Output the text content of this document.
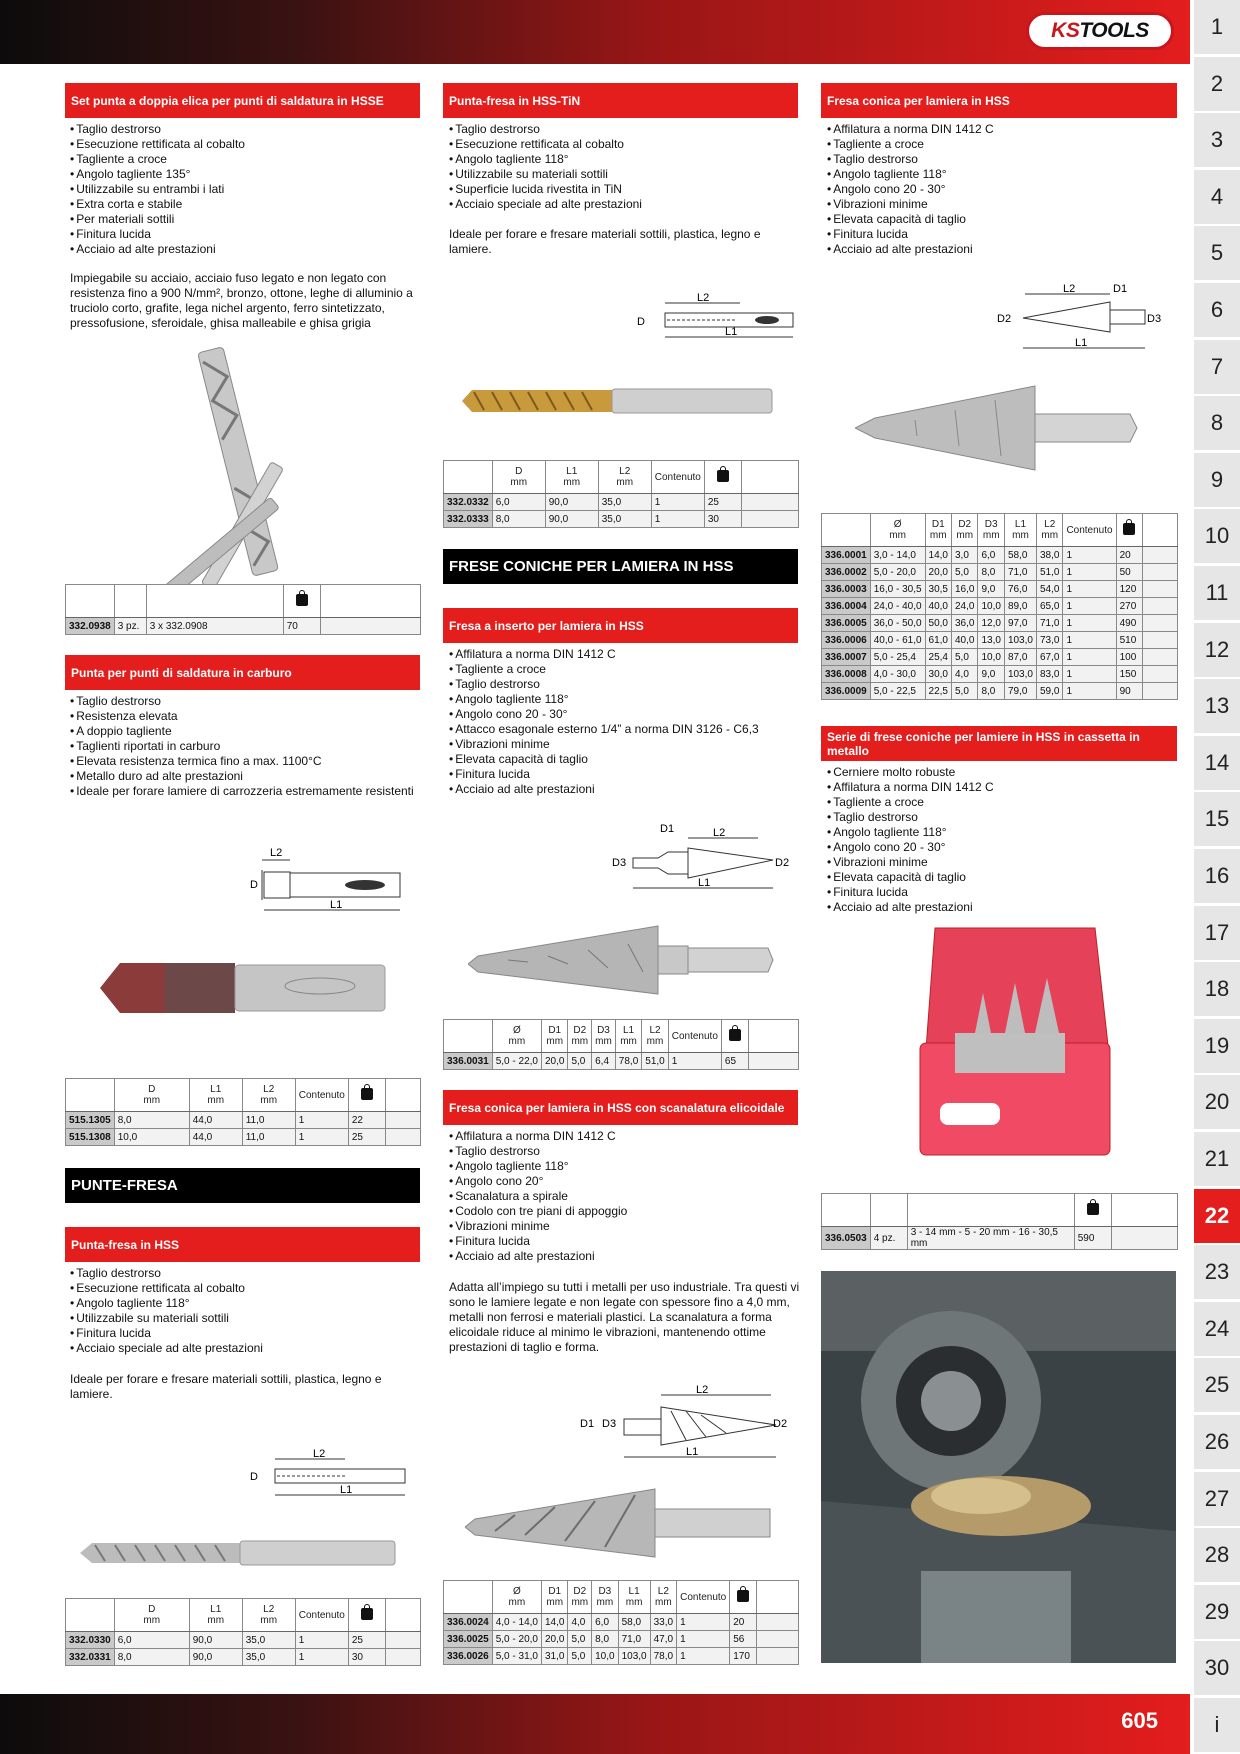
KS TOOLS
605
1
2
3
4
5
6
7
8
9
10
11
12
13
14
15
16
17
18
19
20
21
22
23
24
25
26
27
28
29
30
i
Set punta a doppia elica per punti di saldatura in HSSE
• Taglio destrorso
• Esecuzione rettificata al cobalto
• Tagliente a croce
• Angolo tagliente 135°
• Utilizzabile su entrambi i lati
• Extra corta e stabile
• Per materiali sottili
• Finitura lucida
• Acciaio ad alte prestazioni
Impiegabile su acciaio, acciaio fuso legato e non legato con resistenza fino a 900 N/mm², bronzo, ottone, leghe di alluminio a truciolo corto, grafite, lega nichel argento, ferro sintetizzato, pressofusione, sferoidale, ghisa malleabile e ghisa grigia

332.0938	3 pz.	3 x 332.0908	70	
Punta per punti di saldatura in carburo
• Taglio destrorso
• Resistenza elevata
• A doppio tagliente
• Taglienti riportati in carburo
• Elevata resistenza termica fino a max. 1100°C
• Metallo duro ad alte prestazioni
• Ideale per forare lamiere di carrozzeria estremamente resistenti
L2
D
L1
	D
mm	L1
mm	L2
mm	Contenuto		
515.1305	8,0	44,0	11,0	1	22	
515.1308	10,0	44,0	11,0	1	25	
PUNTE-FRESA
Punta-fresa in HSS
• Taglio destrorso
• Esecuzione rettificata al cobalto
• Angolo tagliente 118°
• Utilizzabile su materiali sottili
• Finitura lucida
• Acciaio speciale ad alte prestazioni
Ideale per forare e fresare materiali sottili, plastica, legno e lamiere.
L2
D
L1
	D
mm	L1
mm	L2
mm	Contenuto		
332.0330	6,0	90,0	35,0	1	25	
332.0331	8,0	90,0	35,0	1	30	
Punta-fresa in HSS-TiN
• Taglio destrorso
• Esecuzione rettificata al cobalto
• Angolo tagliente 118°
• Utilizzabile su materiali sottili
• Superficie lucida rivestita in TiN
• Acciaio speciale ad alte prestazioni
Ideale per forare e fresare materiali sottili, plastica, legno e lamiere.
L2
D
L1
	D
mm	L1
mm	L2
mm	Contenuto		
332.0332	6,0	90,0	35,0	1	25	
332.0333	8,0	90,0	35,0	1	30	
FRESE CONICHE PER LAMIERA IN HSS
Fresa a inserto per lamiera in HSS
• Affilatura a norma DIN 1412 C
• Tagliente a croce
• Taglio destrorso
• Angolo tagliente 118°
• Angolo cono 20 - 30°
• Attacco esagonale esterno 1/4” a norma DIN 3126 - C6,3
• Vibrazioni minime
• Elevata capacità di taglio
• Finitura lucida
• Acciaio ad alte prestazioni
D1	L2
D3	D2
L1
	Ø
mm	D1
mm	D2
mm	D3
mm	L1
mm	L2
mm	Contenuto		
336.0031	5,0 - 22,0	20,0	5,0	6,4	78,0	51,0	1	65	
Fresa conica per lamiera in HSS con scanalatura elicoidale
• Affilatura a norma DIN 1412 C
• Taglio destrorso
• Angolo tagliente 118°
• Angolo cono 20°
• Scanalatura a spirale
• Codolo con tre piani di appoggio
• Vibrazioni minime
• Finitura lucida
• Acciaio ad alte prestazioni
Adatta all’impiego su tutti i metalli per uso industriale. Tra questi vi sono le lamiere legate e non legate con spessore fino a 4,0 mm, metalli non ferrosi e materiali plastici. La scanalatura a forma elicoidale riduce al minimo le vibrazioni, mantenendo ottime prestazioni di taglio e forma.
L2
D1 D3	D2
L1
	Ø
mm	D1
mm	D2
mm	D3
mm	L1
mm	L2
mm	Contenuto		
336.0024	4,0 - 14,0	14,0	4,0	6,0	58,0	33,0	1	20	
336.0025	5,0 - 20,0	20,0	5,0	8,0	71,0	47,0	1	56	
336.0026	5,0 - 31,0	31,0	5,0	10,0	103,0	78,0	1	170	
Fresa conica per lamiera in HSS
• Affilatura a norma DIN 1412 C
• Tagliente a croce
• Taglio destrorso
• Angolo tagliente 118°
• Angolo cono 20 - 30°
• Vibrazioni minime
• Elevata capacità di taglio
• Finitura lucida
• Acciaio ad alte prestazioni
L2	D1
D2	D3
L1
	Ø
mm	D1
mm	D2
mm	D3
mm	L1
mm	L2
mm	Contenuto		
336.0001	3,0 - 14,0	14,0	3,0	6,0	58,0	38,0	1	20	
336.0002	5,0 - 20,0	20,0	5,0	8,0	71,0	51,0	1	50	
336.0003	16,0 - 30,5	30,5	16,0	9,0	76,0	54,0	1	120	
336.0004	24,0 - 40,0	40,0	24,0	10,0	89,0	65,0	1	270	
336.0005	36,0 - 50,0	50,0	36,0	12,0	97,0	71,0	1	490	
336.0006	40,0 - 61,0	61,0	40,0	13,0	103,0	73,0	1	510	
336.0007	5,0 - 25,4	25,4	5,0	10,0	87,0	67,0	1	100	
336.0008	4,0 - 30,0	30,0	4,0	9,0	103,0	83,0	1	150	
336.0009	5,0 - 22,5	22,5	5,0	8,0	79,0	59,0	1	90	
Serie di frese coniche per lamiere in HSS in cassetta in metallo
• Cerniere molto robuste
• Affilatura a norma DIN 1412 C
• Tagliente a croce
• Taglio destrorso
• Angolo tagliente 118°
• Angolo cono 20 - 30°
• Vibrazioni minime
• Elevata capacità di taglio
• Finitura lucida
• Acciaio ad alte prestazioni

336.0503	4 pz.	3 - 14 mm - 5 - 20 mm - 16 - 30,5 mm	590	
